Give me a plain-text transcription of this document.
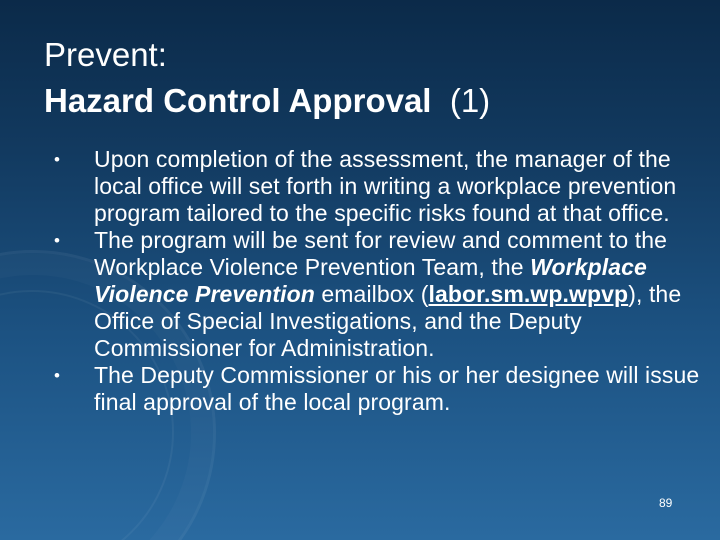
Prevent:
Hazard Control Approval (1)
• Upon completion of the assessment, the manager of the local office will set forth in writing a workplace prevention program tailored to the specific risks found at that office.
• The program will be sent for review and comment to the Workplace Violence Prevention Team, the Workplace Violence Prevention emailbox (labor.sm.wp.wpvp), the Office of Special Investigations, and the Deputy Commissioner for Administration.
• The Deputy Commissioner or his or her designee will issue final approval of the local program.
89
